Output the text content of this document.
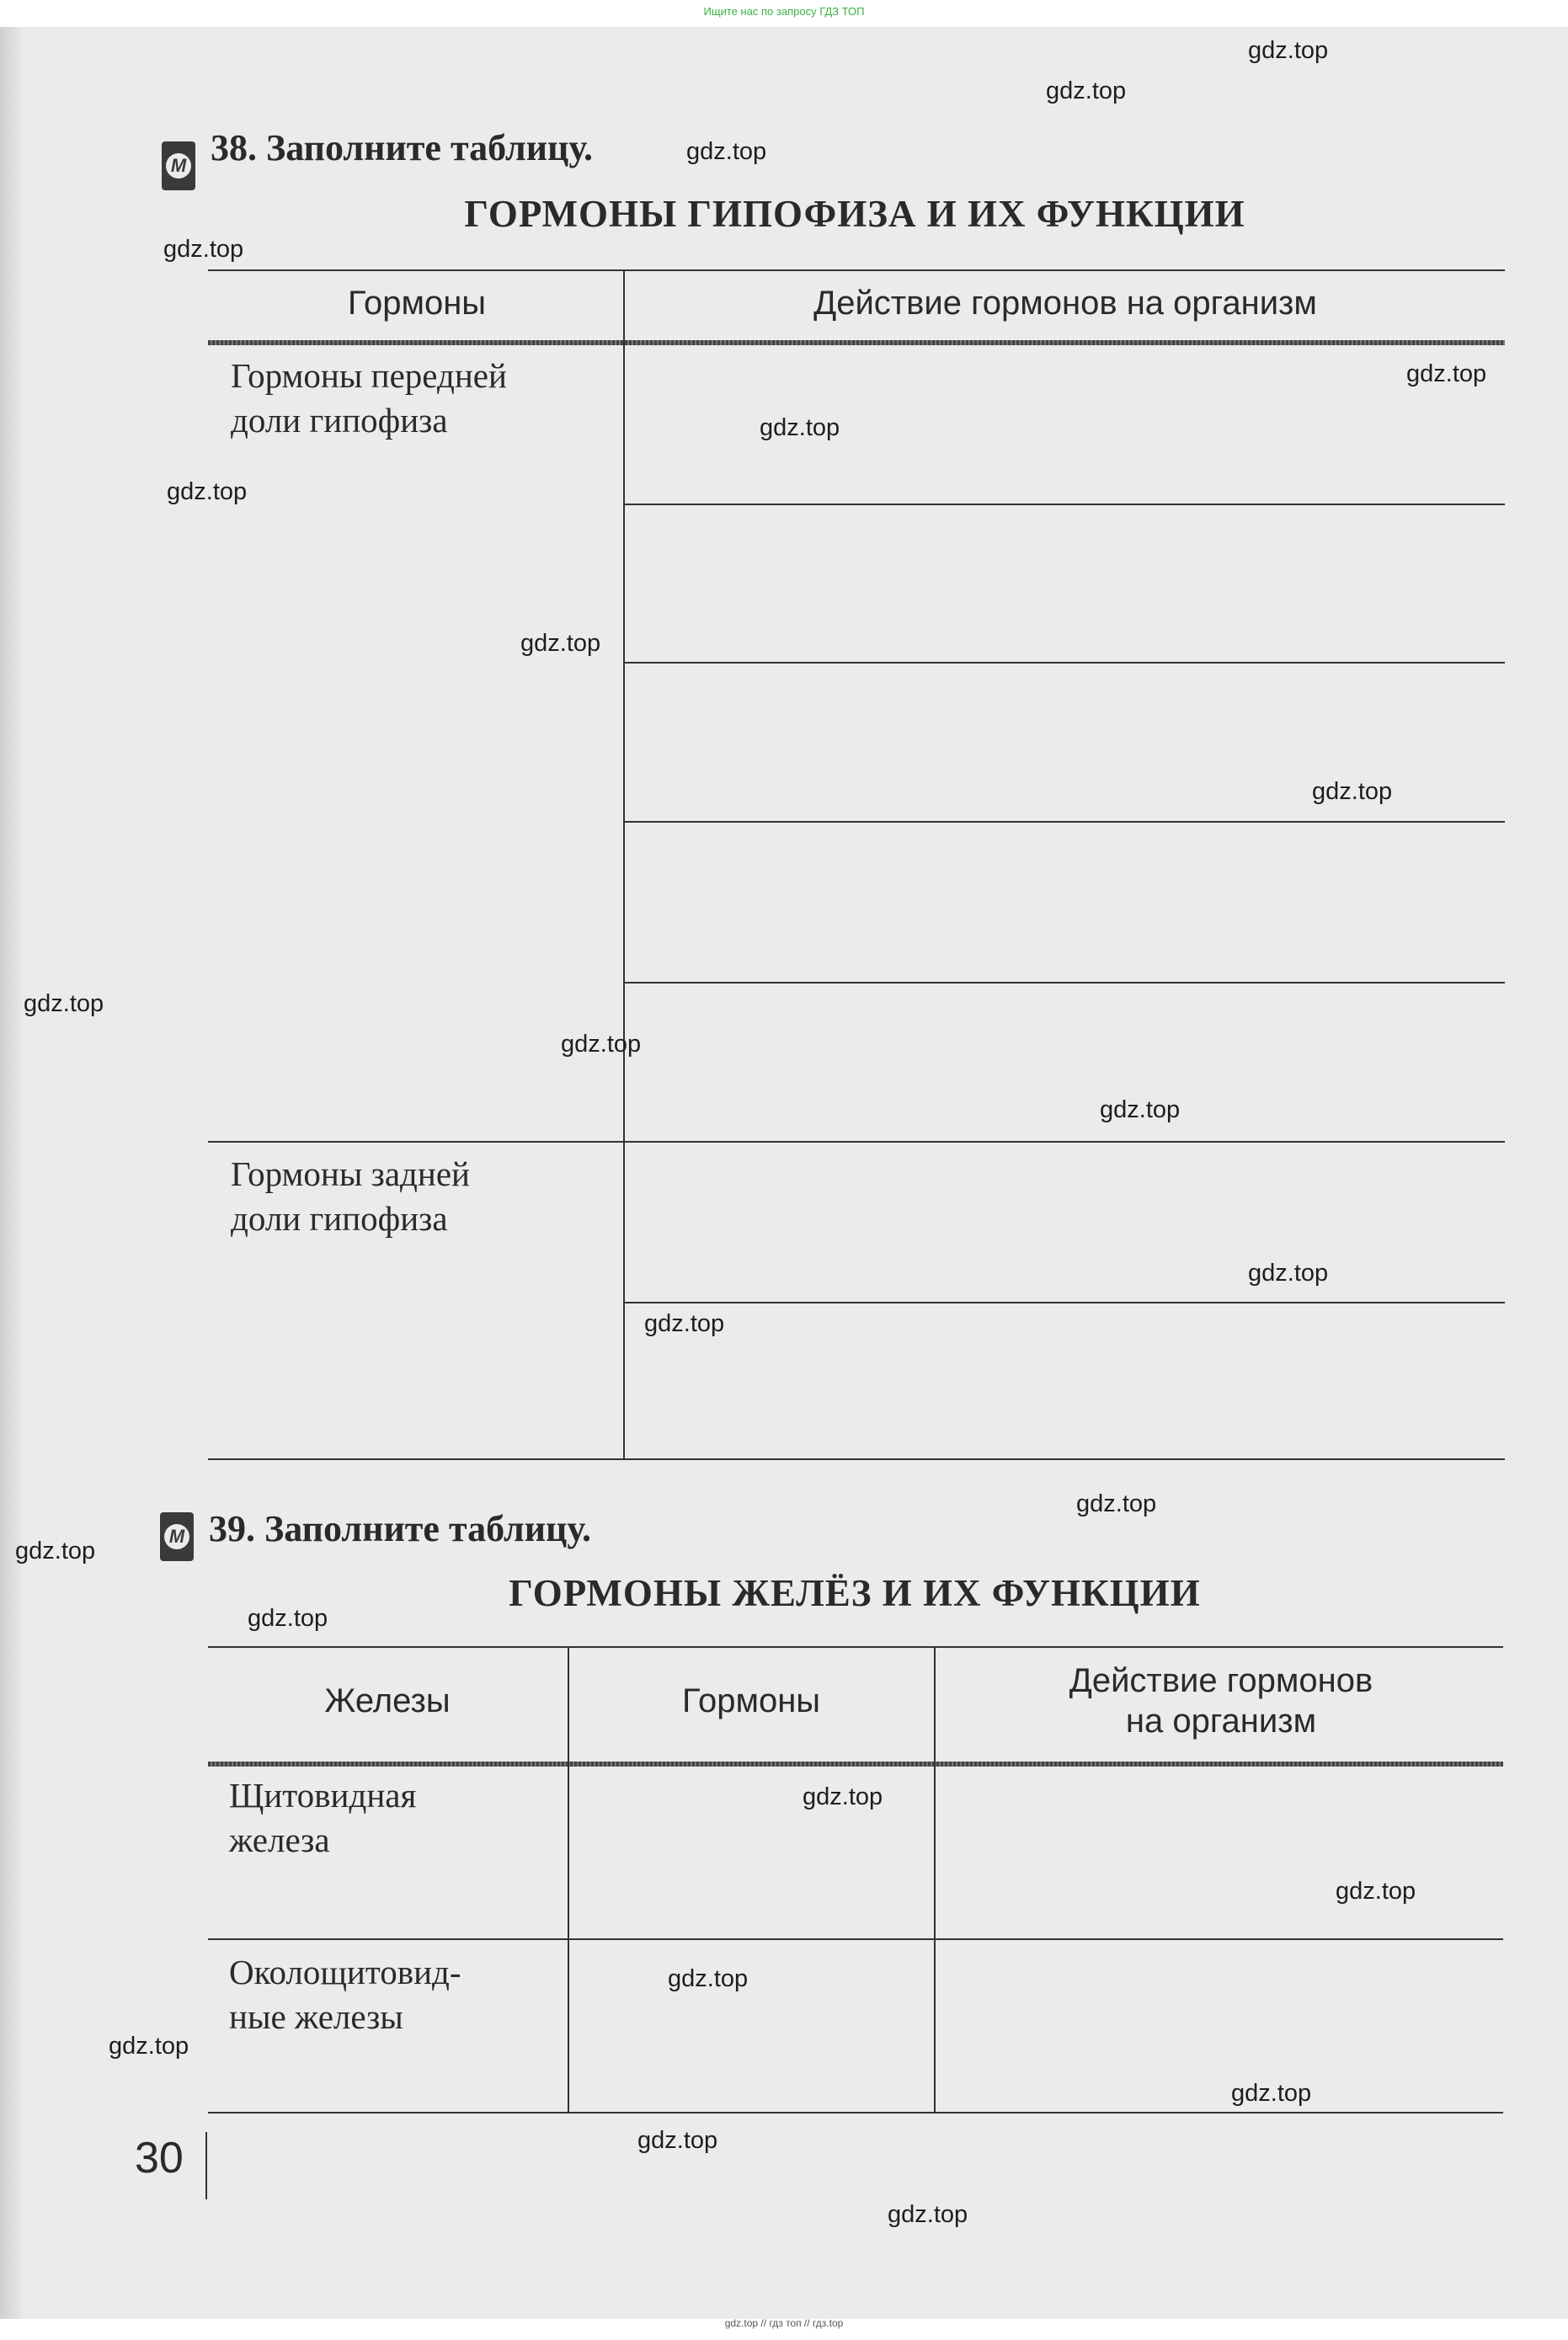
Ищите нас по запросу ГДЗ ТОП
M 38. Заполните таблицу.
ГОРМОНЫ ГИПОФИЗА И ИХ ФУНКЦИИ
Гормоны	Действие гормонов на организм
Гормоны передней
доли гипофиза
Гормоны задней
доли гипофиза
M 39. Заполните таблицу.
ГОРМОНЫ ЖЕЛЁЗ И ИХ ФУНКЦИИ
Железы	Гормоны
Действие гормонов
на организм
Щитовидная
железа
Околощитовид-
ные железы
30
gdz.top
gdz.top
gdz.top
gdz.top
gdz.top
gdz.top
gdz.top
gdz.top
gdz.top
gdz.top
gdz.top
gdz.top
gdz.top
gdz.top
gdz.top
gdz.top
gdz.top
gdz.top
gdz.top
gdz.top
gdz.top
gdz.top
gdz.top
gdz.top
gdz.top // гдз топ // гдз.top
